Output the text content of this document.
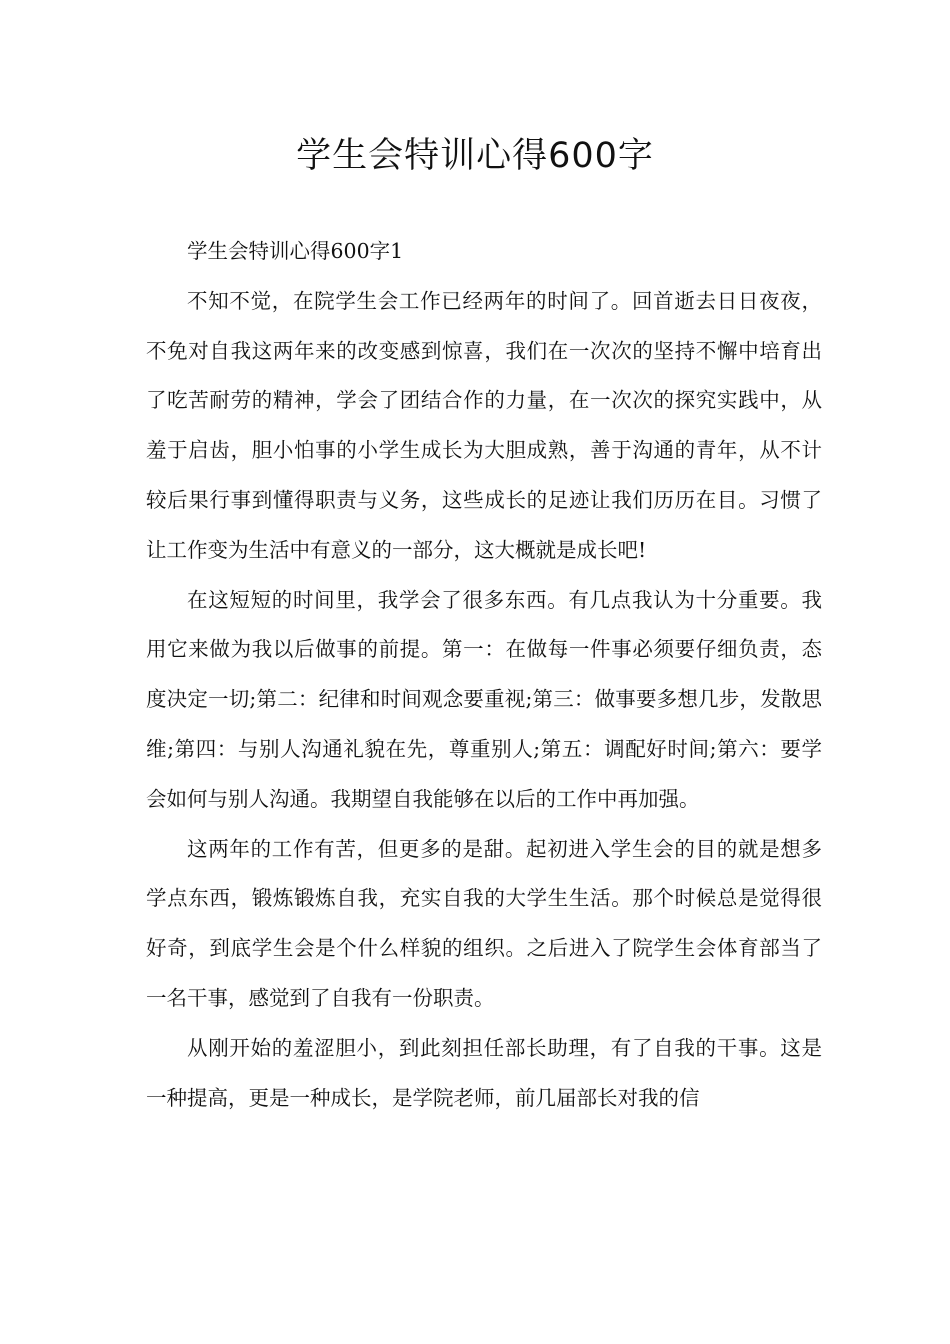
学生会特训心得600字

学生会特训心得600字1

不知不觉，在院学生会工作已经两年的时间了。回首逝去日日夜夜，不免对自我这两年来的改变感到惊喜，我们在一次次的坚持不懈中培育出了吃苦耐劳的精神，学会了团结合作的力量，在一次次的探究实践中，从羞于启齿，胆小怕事的小学生成长为大胆成熟，善于沟通的青年，从不计较后果行事到懂得职责与义务，这些成长的足迹让我们历历在目。习惯了让工作变为生活中有意义的一部分，这大概就是成长吧!

在这短短的时间里，我学会了很多东西。有几点我认为十分重要。我用它来做为我以后做事的前提。第一：在做每一件事必须要仔细负责，态度决定一切;第二：纪律和时间观念要重视;第三：做事要多想几步，发散思维;第四：与别人沟通礼貌在先，尊重别人;第五：调配好时间;第六：要学会如何与别人沟通。我期望自我能够在以后的工作中再加强。

这两年的工作有苦，但更多的是甜。起初进入学生会的目的就是想多学点东西，锻炼锻炼自我，充实自我的大学生生活。那个时候总是觉得很好奇，到底学生会是个什么样貌的组织。之后进入了院学生会体育部当了一名干事，感觉到了自我有一份职责。

从刚开始的羞涩胆小，到此刻担任部长助理，有了自我的干事。这是一种提高，更是一种成长，是学院老师，前几届部长对我的信
